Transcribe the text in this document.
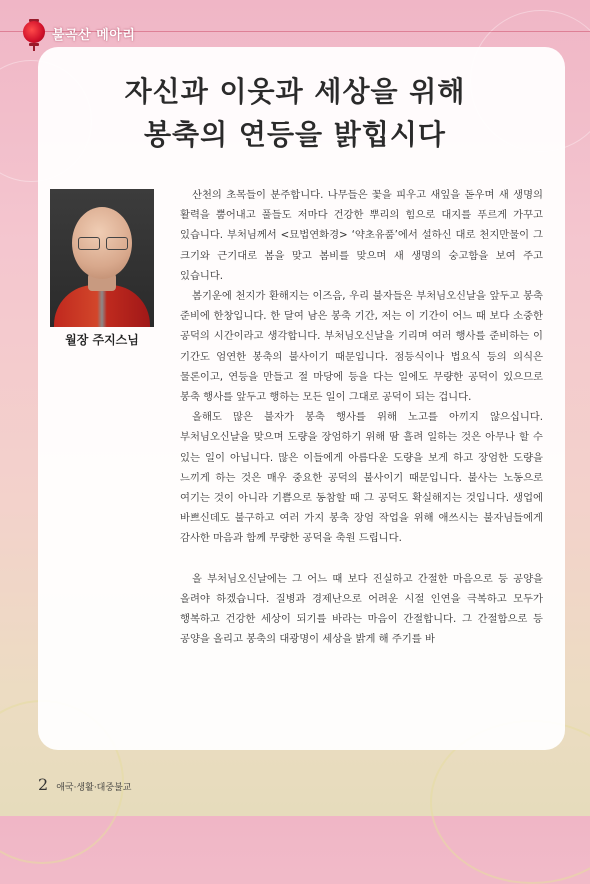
불곡산 메아리
자신과 이웃과 세상을 위해
봉축의 연등을 밝힙시다
월장 주지스님

산천의 초목들이 분주합니다. 나무들은 꽃을 피우고 새잎을 돋우며 새 생명의 활력을 뿜어내고 풀들도 저마다 건강한 뿌리의 힘으로 대지를 푸르게 가꾸고 있습니다. 부처님께서 <묘법연화경> ‘약초유품’에서 설하신 대로 천지만물이 그 크기와 근기대로 봄을 맞고 봄비를 맞으며 새 생명의 숭고함을 보여 주고 있습니다.

봄기운에 천지가 환해지는 이즈음, 우리 불자들은 부처님오신날을 앞두고 봉축 준비에 한창입니다. 한 달여 남은 봉축 기간, 저는 이 기간이 어느 때 보다 소중한 공덕의 시간이라고 생각합니다. 부처님오신날을 기리며 여러 행사를 준비하는 이 기간도 엄연한 봉축의 불사이기 때문입니다. 점등식이나 법요식 등의 의식은 물론이고, 연등을 만들고 절 마당에 등을 다는 일에도 무량한 공덕이 있으므로 봉축 행사를 앞두고 행하는 모든 일이 그대로 공덕이 되는 겁니다.

올해도 많은 불자가 봉축 행사를 위해 노고를 아끼지 않으십니다. 부처님오신날을 맞으며 도량을 장엄하기 위해 땀 흘려 일하는 것은 아무나 할 수 있는 일이 아닙니다. 많은 이들에게 아름다운 도량을 보게 하고 장엄한 도량을 느끼게 하는 것은 매우 중요한 공덕의 불사이기 때문입니다. 불사는 노동으로 여기는 것이 아니라 기쁨으로 동참할 때 그 공덕도 확실해지는 것입니다. 생업에 바쁘신데도 불구하고 여러 가지 봉축 장엄 작업을 위해 애쓰시는 불자님들에게 감사한 마음과 함께 무량한 공덕을 축원 드립니다.

올 부처님오신날에는 그 어느 때 보다 진실하고 간절한 마음으로 등 공양을 올려야 하겠습니다. 질병과 경제난으로 어려운 시절 인연을 극복하고 모두가 행복하고 건강한 세상이 되기를 바라는 마음이 간절합니다. 그 간절함으로 등 공양을 올리고 봉축의 대광명이 세상을 밝게 해 주기를 바

2 애국·생활·대중불교
